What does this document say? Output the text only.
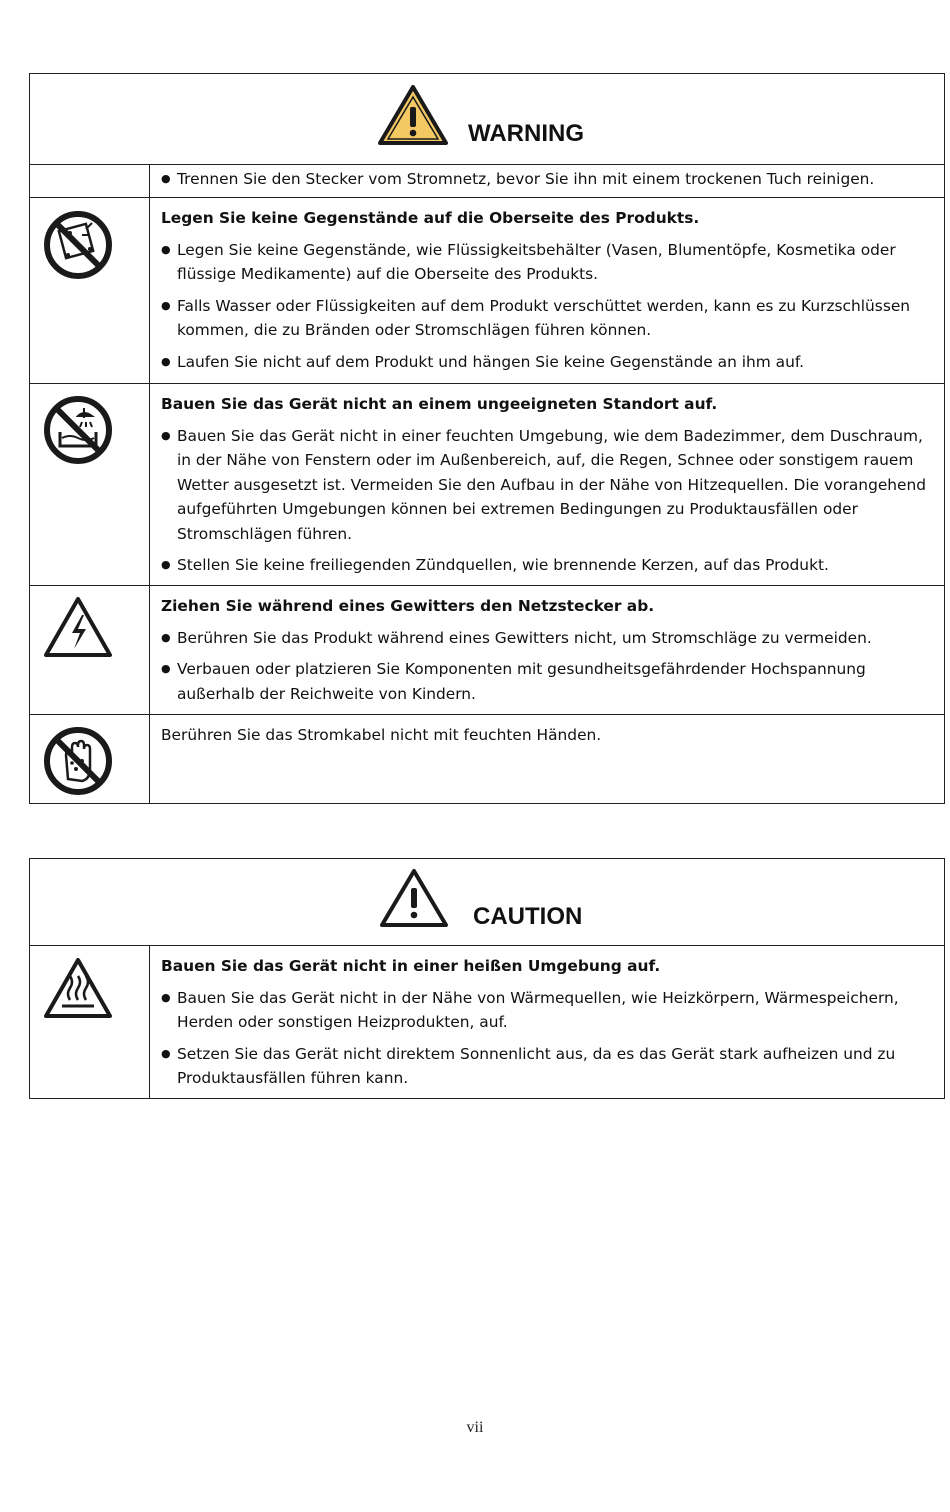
WARNING
● Trennen Sie den Stecker vom Stromnetz, bevor Sie ihn mit einem trockenen Tuch reinigen.
Legen Sie keine Gegenstände auf die Oberseite des Produkts.
● Legen Sie keine Gegenstände, wie Flüssigkeitsbehälter (Vasen, Blumentöpfe, Kosmetika oder flüssige Medikamente) auf die Oberseite des Produkts.
● Falls Wasser oder Flüssigkeiten auf dem Produkt verschüttet werden, kann es zu Kurzschlüssen kommen, die zu Bränden oder Stromschlägen führen können.
● Laufen Sie nicht auf dem Produkt und hängen Sie keine Gegenstände an ihm auf.
Bauen Sie das Gerät nicht an einem ungeeigneten Standort auf.
● Bauen Sie das Gerät nicht in einer feuchten Umgebung, wie dem Badezimmer, dem Duschraum, in der Nähe von Fenstern oder im Außenbereich, auf, die Regen, Schnee oder sonstigem rauem Wetter ausgesetzt ist. Vermeiden Sie den Aufbau in der Nähe von Hitzequellen. Die vorangehend aufgeführten Umgebungen können bei extremen Bedingungen zu Produktausfällen oder Stromschlägen führen.
● Stellen Sie keine freiliegenden Zündquellen, wie brennende Kerzen, auf das Produkt.
Ziehen Sie während eines Gewitters den Netzstecker ab.
● Berühren Sie das Produkt während eines Gewitters nicht, um Stromschläge zu vermeiden.
● Verbauen oder platzieren Sie Komponenten mit gesundheitsgefährdender Hochspannung außerhalb der Reichweite von Kindern.
Berühren Sie das Stromkabel nicht mit feuchten Händen.
CAUTION
Bauen Sie das Gerät nicht in einer heißen Umgebung auf.
● Bauen Sie das Gerät nicht in der Nähe von Wärmequellen, wie Heizkörpern, Wärmespeichern, Herden oder sonstigen Heizprodukten, auf.
● Setzen Sie das Gerät nicht direktem Sonnenlicht aus, da es das Gerät stark aufheizen und zu Produktausfällen führen kann.
vii
